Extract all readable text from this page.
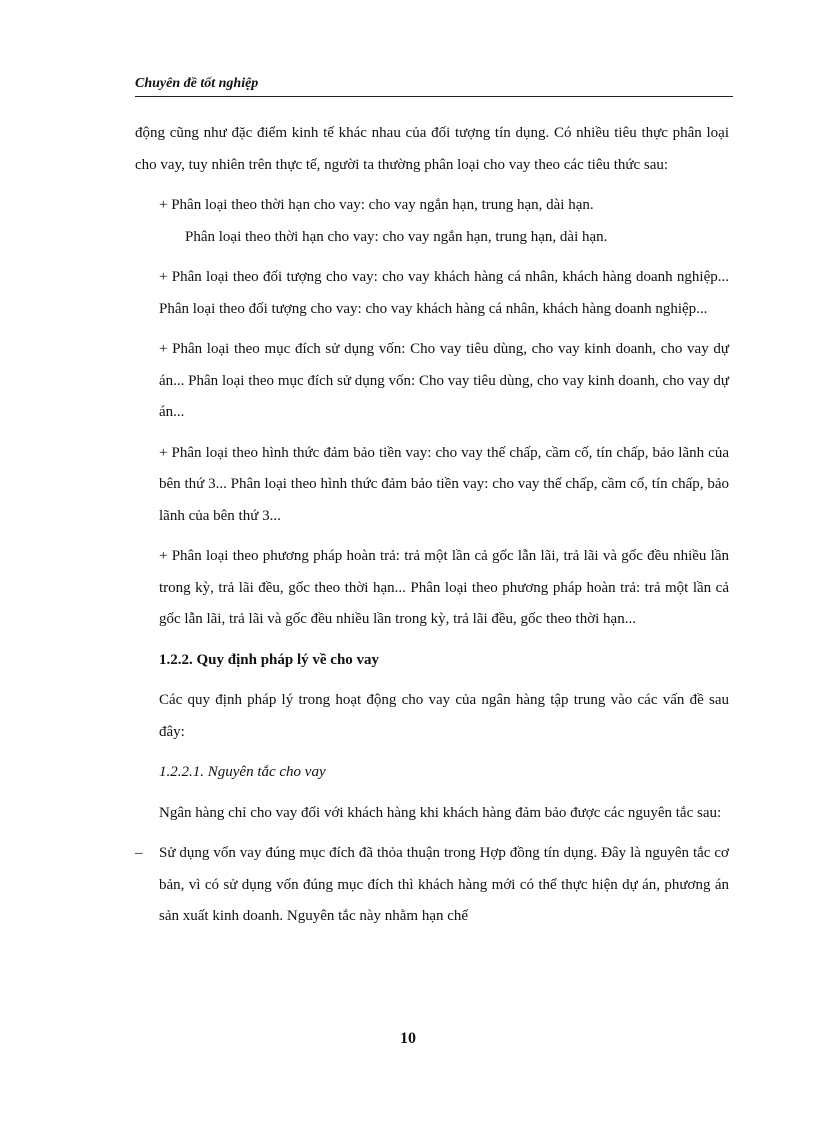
Chuyên đề tốt nghiệp

động cũng như đặc điểm kinh tế khác nhau của đối tượng tín dụng. Có nhiều tiêu thực phân loại cho vay, tuy nhiên trên thực tế, người ta thường phân loại cho vay theo các tiêu thức sau:

+ Phân loại theo thời hạn cho vay: cho vay ngắn hạn, trung hạn, dài hạn.

Phân loại theo thời hạn cho vay: cho vay ngắn hạn, trung hạn, dài hạn.

+ Phân loại theo đối tượng cho vay: cho vay khách hàng cá nhân, khách hàng doanh nghiệp... Phân loại theo đối tượng cho vay: cho vay khách hàng cá nhân, khách hàng doanh nghiệp...

+ Phân loại theo mục đích sử dụng vốn: Cho vay tiêu dùng, cho vay kinh doanh, cho vay dự án... Phân loại theo mục đích sử dụng vốn: Cho vay tiêu dùng, cho vay kinh doanh, cho vay dự án...

+ Phân loại theo hình thức đảm bảo tiền vay: cho vay thế chấp, cầm cố, tín chấp, bảo lãnh của bên thứ 3... Phân loại theo hình thức đảm bảo tiền vay: cho vay thế chấp, cầm cố, tín chấp, bảo lãnh của bên thứ 3...

+ Phân loại theo phương pháp hoàn trả: trả một lần cả gốc lẫn lãi, trả lãi và gốc đều nhiều lần trong kỳ, trả lãi đều, gốc theo thời hạn... Phân loại theo phương pháp hoàn trả: trả một lần cả gốc lẫn lãi, trả lãi và gốc đều nhiều lần trong kỳ, trả lãi đều, gốc theo thời hạn...

1.2.2. Quy định pháp lý về cho vay

Các quy định pháp lý trong hoạt động cho vay của ngân hàng tập trung vào các vấn đề sau đây:

1.2.2.1. Nguyên tắc cho vay

Ngân hàng chỉ cho vay đối với khách hàng khi khách hàng đảm bảo được các nguyên tắc sau:

– Sử dụng vốn vay đúng mục đích đã thỏa thuận trong Hợp đồng tín dụng. Đây là nguyên tắc cơ bản, vì có sử dụng vốn đúng mục đích thì khách hàng mới có thể thực hiện dự án, phương án sản xuất kinh doanh. Nguyên tắc này nhằm hạn chế

10
